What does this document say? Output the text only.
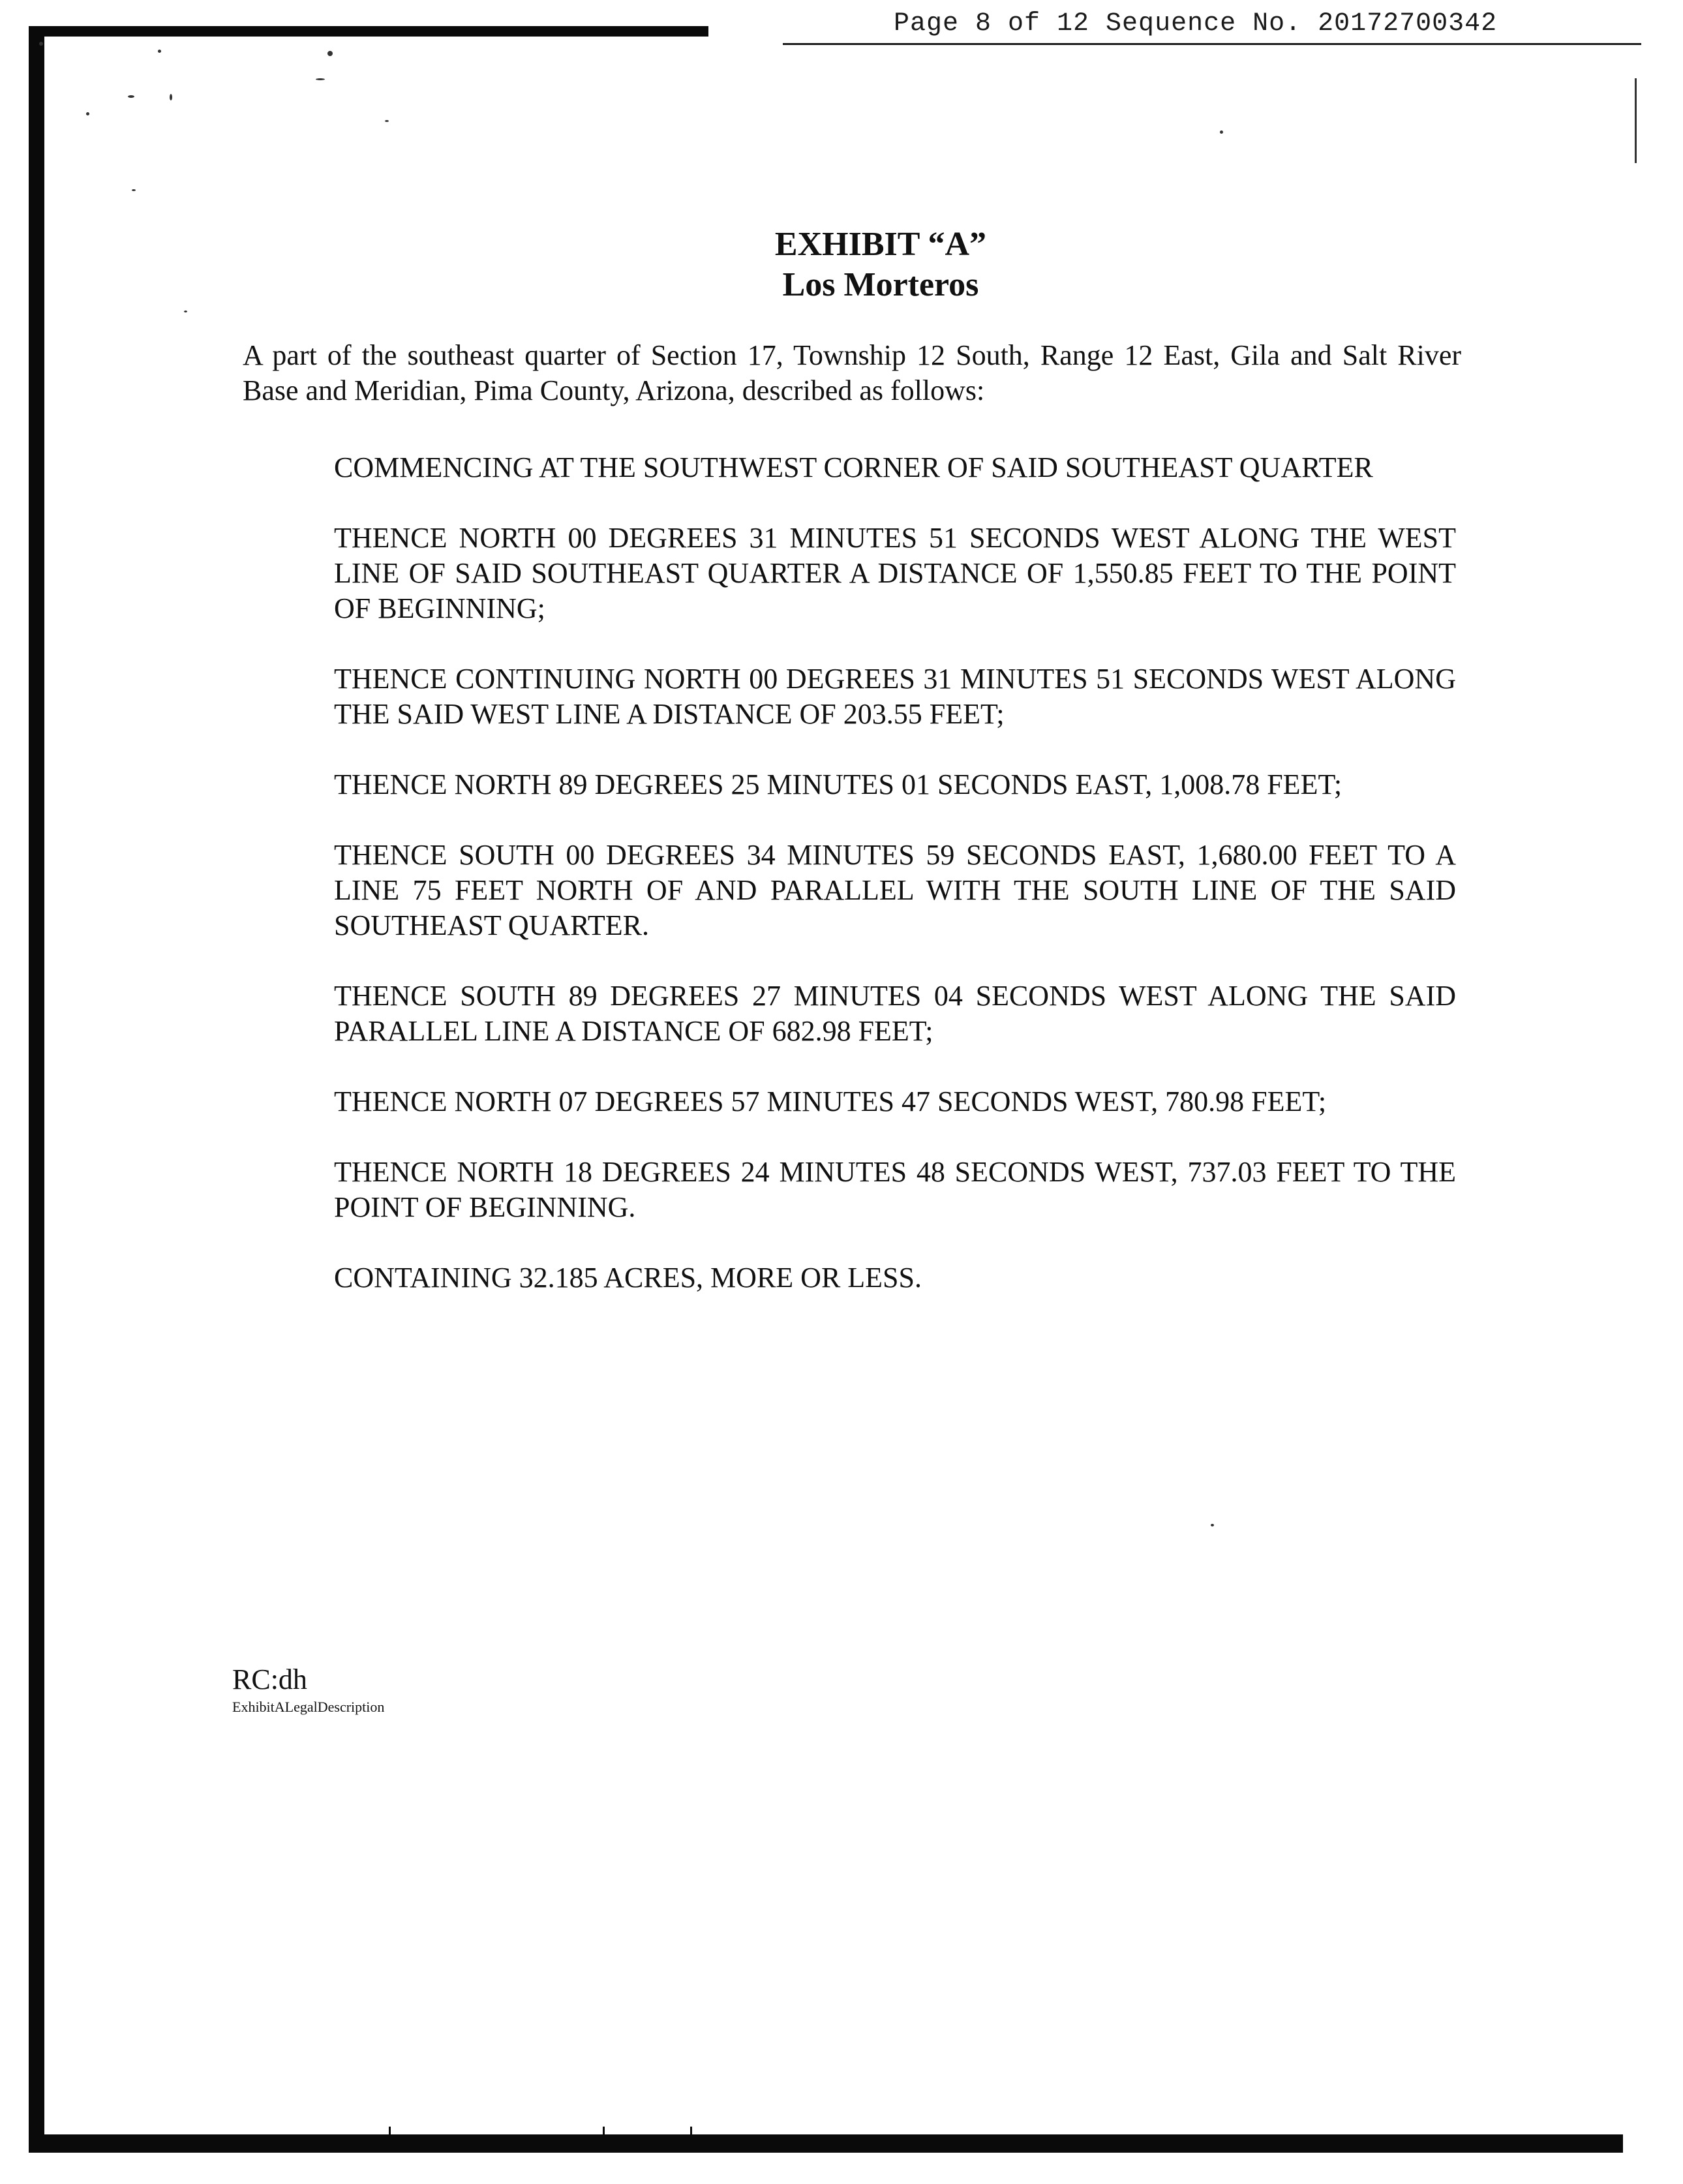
Page 8 of 12 Sequence No. 20172700342
EXHIBIT “A”
Los Morteros
A part of the southeast quarter of Section 17, Township 12 South, Range 12 East, Gila and Salt River Base and Meridian, Pima County, Arizona, described as follows:

COMMENCING AT THE SOUTHWEST CORNER OF SAID SOUTHEAST QUARTER

THENCE NORTH 00 DEGREES 31 MINUTES 51 SECONDS WEST ALONG THE WEST LINE OF SAID SOUTHEAST QUARTER A DISTANCE OF 1,550.85 FEET TO THE POINT OF BEGINNING;

THENCE CONTINUING NORTH 00 DEGREES 31 MINUTES 51 SECONDS WEST ALONG THE SAID WEST LINE A DISTANCE OF 203.55 FEET;

THENCE NORTH 89 DEGREES 25 MINUTES 01 SECONDS EAST, 1,008.78 FEET;

THENCE SOUTH 00 DEGREES 34 MINUTES 59 SECONDS EAST, 1,680.00 FEET TO A LINE 75 FEET NORTH OF AND PARALLEL WITH THE SOUTH LINE OF THE SAID SOUTHEAST QUARTER.

THENCE SOUTH 89 DEGREES 27 MINUTES 04 SECONDS WEST ALONG THE SAID PARALLEL LINE A DISTANCE OF 682.98 FEET;

THENCE NORTH 07 DEGREES 57 MINUTES 47 SECONDS WEST, 780.98 FEET;

THENCE NORTH 18 DEGREES 24 MINUTES 48 SECONDS WEST, 737.03 FEET TO THE POINT OF BEGINNING.

CONTAINING 32.185 ACRES, MORE OR LESS.

RC:dh
ExhibitALegalDescription
